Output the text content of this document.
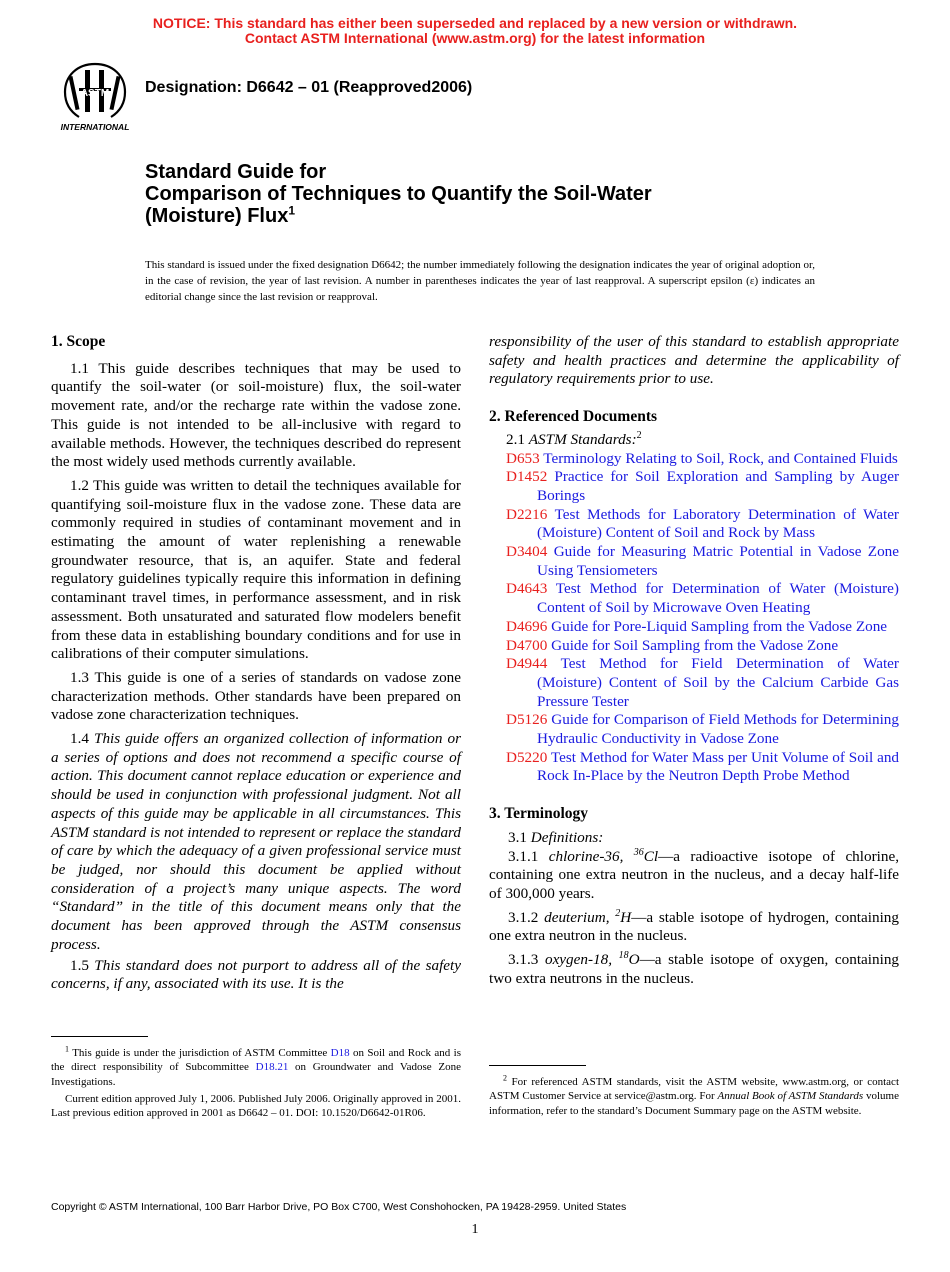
NOTICE: This standard has either been superseded and replaced by a new version or withdrawn.
Contact ASTM International (www.astm.org) for the latest information
ASTM
INTERNATIONAL
Designation: D6642 – 01 (Reapproved2006)
Standard Guide for
Comparison of Techniques to Quantify the Soil-Water
(Moisture) Flux$^1$
This standard is issued under the fixed designation D6642; the number immediately following the designation indicates the year of original adoption or, in the case of revision, the year of last revision. A number in parentheses indicates the year of last reapproval. A superscript epsilon (ε) indicates an editorial change since the last revision or reapproval.

1. Scope

1.1 This guide describes techniques that may be used to quantify the soil-water (or soil-moisture) flux, the soil-water movement rate, and/or the recharge rate within the vadose zone. This guide is not intended to be all-inclusive with regard to available methods. However, the techniques described do represent the most widely used methods currently available.

1.2 This guide was written to detail the techniques available for quantifying soil-moisture flux in the vadose zone. These data are commonly required in studies of contaminant movement and in estimating the amount of water replenishing a renewable groundwater resource, that is, an aquifer. State and federal regulatory guidelines typically require this information in defining contaminant travel times, in performance assessment, and in risk assessment. Both unsaturated and saturated flow modelers benefit from these data in establishing boundary conditions and for use in calibrations of their computer simulations.

1.3 This guide is one of a series of standards on vadose zone characterization methods. Other standards have been prepared on vadose zone characterization techniques.

1.4 This guide offers an organized collection of information or a series of options and does not recommend a specific course of action. This document cannot replace education or experience and should be used in conjunction with professional judgment. Not all aspects of this guide may be applicable in all circumstances. This ASTM standard is not intended to represent or replace the standard of care by which the adequacy of a given professional service must be judged, nor should this document be applied without consideration of a project’s many unique aspects. The word “Standard” in the title of this document means only that the document has been approved through the ASTM consensus process.

1.5 This standard does not purport to address all of the safety concerns, if any, associated with its use. It is the

responsibility of the user of this standard to establish appropriate safety and health practices and determine the applicability of regulatory requirements prior to use.

2. Referenced Documents

2.1 ASTM Standards:$^2$

D653 Terminology Relating to Soil, Rock, and Contained Fluids

D1452 Practice for Soil Exploration and Sampling by Auger Borings

D2216 Test Methods for Laboratory Determination of Water (Moisture) Content of Soil and Rock by Mass

D3404 Guide for Measuring Matric Potential in Vadose Zone Using Tensiometers

D4643 Test Method for Determination of Water (Moisture) Content of Soil by Microwave Oven Heating

D4696 Guide for Pore-Liquid Sampling from the Vadose Zone

D4700 Guide for Soil Sampling from the Vadose Zone

D4944 Test Method for Field Determination of Water (Moisture) Content of Soil by the Calcium Carbide Gas Pressure Tester

D5126 Guide for Comparison of Field Methods for Determining Hydraulic Conductivity in Vadose Zone

D5220 Test Method for Water Mass per Unit Volume of Soil and Rock In-Place by the Neutron Depth Probe Method

3. Terminology

3.1 Definitions:

3.1.1 chlorine-36, $^{36}$Cl—a radioactive isotope of chlorine, containing one extra neutron in the nucleus, and a decay half-life of 300,000 years.

3.1.2 deuterium, $^2$H—a stable isotope of hydrogen, containing one extra neutron in the nucleus.

3.1.3 oxygen-18, $^{18}$O—a stable isotope of oxygen, containing two extra neutrons in the nucleus.

$^1$ This guide is under the jurisdiction of ASTM Committee D18 on Soil and Rock and is the direct responsibility of Subcommittee D18.21 on Groundwater and Vadose Zone Investigations.

Current edition approved July 1, 2006. Published July 2006. Originally approved in 2001. Last previous edition approved in 2001 as D6642 – 01. DOI: 10.1520/D6642-01R06.

$^2$ For referenced ASTM standards, visit the ASTM website, www.astm.org, or contact ASTM Customer Service at service@astm.org. For Annual Book of ASTM Standards volume information, refer to the standard’s Document Summary page on the ASTM website.

Copyright © ASTM International, 100 Barr Harbor Drive, PO Box C700, West Conshohocken, PA 19428-2959. United States
1
